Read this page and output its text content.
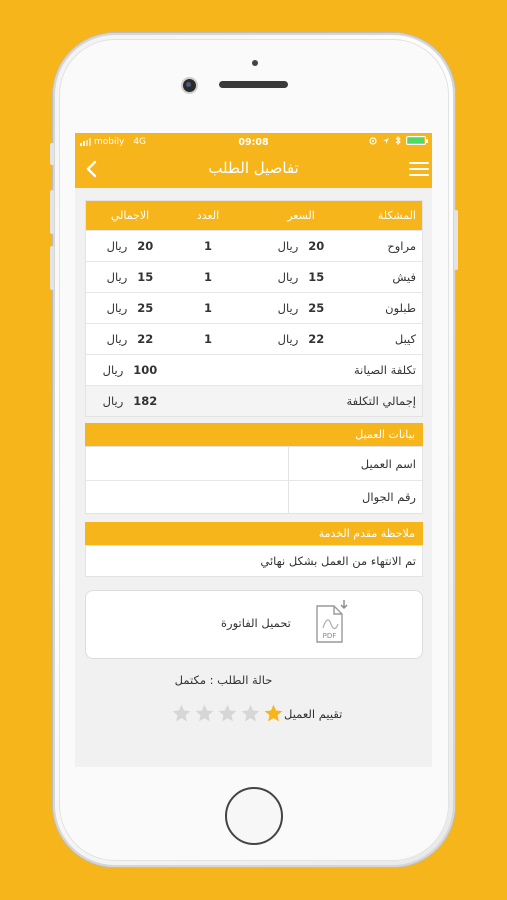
mobily 4G	09:08
تفاصيل الطلب
المشكلة
السعر
العدد
الاجمالي
مراوح
ريال 20
1
ريال 20
فيش
ريال 15
1
ريال 15
طبلون
ريال 25
1
ريال 25
كيبل
ريال 22
1
ريال 22
تكلفة الصيانة
ريال 100
إجمالي التكلفة
ريال 182
بيانات العميل
اسم العميل
رقم الجوال
ملاحظة مقدم الخدمة
تم الانتهاء من العمل بشكل نهائي
تحميل الفاتورة
PDF
حالة الطلب : مكتمل
تقييم العميل
